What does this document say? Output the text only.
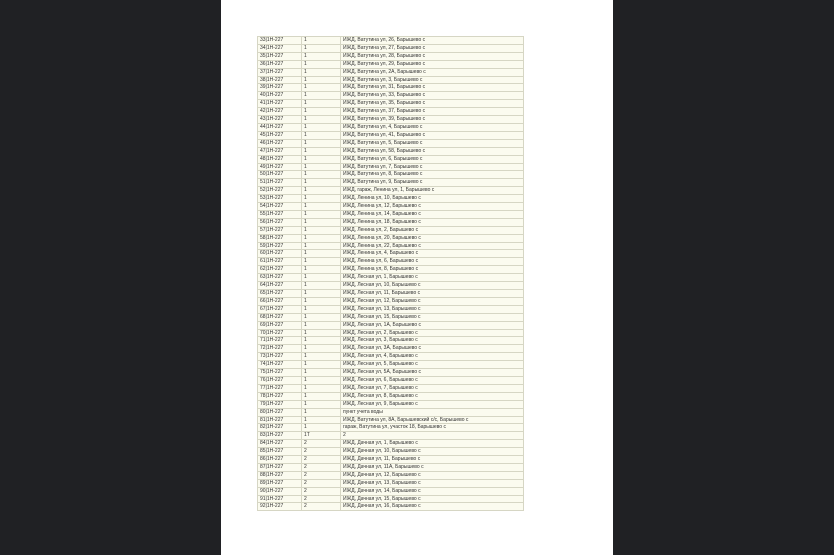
33|1Н-227	1	ИЖД, Ватутина ул, 26, Барышево с
34|1Н-227	1	ИЖД, Ватутина ул, 27, Барышево с
35|1Н-227	1	ИЖД, Ватутина ул, 28, Барышево с
36|1Н-227	1	ИЖД, Ватутина ул, 29, Барышево с
37|1Н-227	1	ИЖД, Ватутина ул, 2А, Барышево с
38|1Н-227	1	ИЖД, Ватутина ул, 3, Барышево с
39|1Н-227	1	ИЖД, Ватутина ул, 31, Барышево с
40|1Н-227	1	ИЖД, Ватутина ул, 33, Барышево с
41|1Н-227	1	ИЖД, Ватутина ул, 35, Барышево с
42|1Н-227	1	ИЖД, Ватутина ул, 37, Барышево с
43|1Н-227	1	ИЖД, Ватутина ул, 39, Барышево с
44|1Н-227	1	ИЖД, Ватутина ул, 4, Барышево с
45|1Н-227	1	ИЖД, Ватутина ул, 41, Барышево с
46|1Н-227	1	ИЖД, Ватутина ул, 5, Барышево с
47|1Н-227	1	ИЖД, Ватутина ул, 58, Барышево с
48|1Н-227	1	ИЖД, Ватутина ул, 6, Барышево с
49|1Н-227	1	ИЖД, Ватутина ул, 7, Барышево с
50|1Н-227	1	ИЖД, Ватутина ул, 8, Барышево с
51|1Н-227	1	ИЖД, Ватутина ул, 9, Барышево с
52|1Н-227	1	ИЖД, гараж, Ленина ул, 1, Барышево с
53|1Н-227	1	ИЖД, Ленина ул, 10, Барышево с
54|1Н-227	1	ИЖД, Ленина ул, 12, Барышево с
55|1Н-227	1	ИЖД, Ленина ул, 14, Барышево с
56|1Н-227	1	ИЖД, Ленина ул, 18, Барышево с
57|1Н-227	1	ИЖД, Ленина ул, 2, Барышево с
58|1Н-227	1	ИЖД, Ленина ул, 20, Барышево с
59|1Н-227	1	ИЖД, Ленина ул, 22, Барышево с
60|1Н-227	1	ИЖД, Ленина ул, 4, Барышево с
61|1Н-227	1	ИЖД, Ленина ул, 6, Барышево с
62|1Н-227	1	ИЖД, Ленина ул, 8, Барышево с
63|1Н-227	1	ИЖД, Лесная ул, 1, Барышево с
64|1Н-227	1	ИЖД, Лесная ул, 10, Барышево с
65|1Н-227	1	ИЖД, Лесная ул, 11, Барышево с
66|1Н-227	1	ИЖД, Лесная ул, 12, Барышево с
67|1Н-227	1	ИЖД, Лесная ул, 13, Барышево с
68|1Н-227	1	ИЖД, Лесная ул, 15, Барышево с
69|1Н-227	1	ИЖД, Лесная ул, 1А, Барышево с
70|1Н-227	1	ИЖД, Лесная ул, 2, Барышево с
71|1Н-227	1	ИЖД, Лесная ул, 3, Барышево с
72|1Н-227	1	ИЖД, Лесная ул, 3А, Барышево с
73|1Н-227	1	ИЖД, Лесная ул, 4, Барышево с
74|1Н-227	1	ИЖД, Лесная ул, 5, Барышево с
75|1Н-227	1	ИЖД, Лесная ул, 5А, Барышево с
76|1Н-227	1	ИЖД, Лесная ул, 6, Барышево с
77|1Н-227	1	ИЖД, Лесная ул, 7, Барышево с
78|1Н-227	1	ИЖД, Лесная ул, 8, Барышево с
79|1Н-227	1	ИЖД, Лесная ул, 9, Барышево с
80|1Н-227	1	пункт учета воды
81|1Н-227	1	ИЖД, Ватутина ул, 8А, Барышевский с/с, Барышево с
82|1Н-227	1	гараж, Ватутина ул, участок 18, Барышево с
83|1Н-227	1Т	2
84|1Н-227	2	ИЖД, Дачная ул, 1, Барышево с
85|1Н-227	2	ИЖД, Дачная ул, 10, Барышево с
86|1Н-227	2	ИЖД, Дачная ул, 11, Барышево с
87|1Н-227	2	ИЖД, Дачная ул, 11А, Барышево с
88|1Н-227	2	ИЖД, Дачная ул, 12, Барышево с
89|1Н-227	2	ИЖД, Дачная ул, 13, Барышево с
90|1Н-227	2	ИЖД, Дачная ул, 14, Барышево с
91|1Н-227	2	ИЖД, Дачная ул, 15, Барышево с
92|1Н-227	2	ИЖД, Дачная ул, 16, Барышево с
